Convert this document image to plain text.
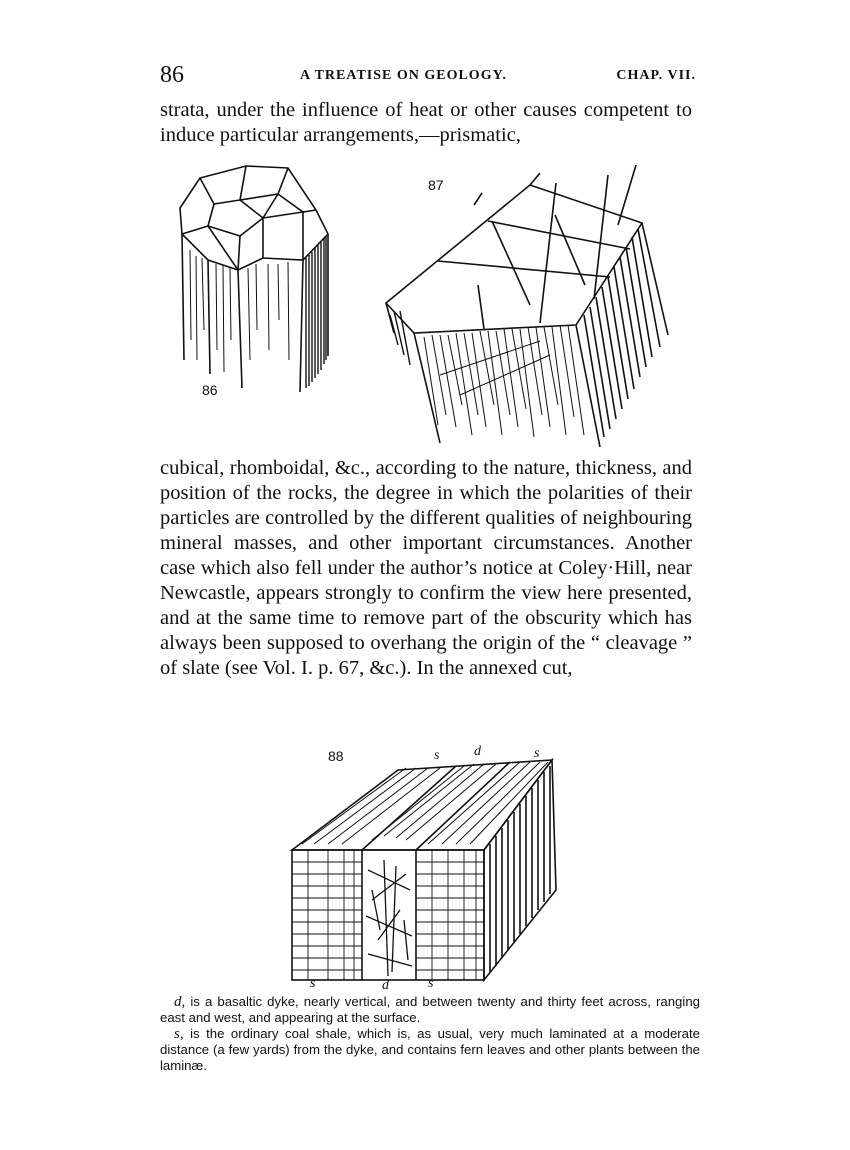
86	A TREATISE ON GEOLOGY.	CHAP. VII.

strata, under the influence of heat or other causes competent to induce particular arrangements,—prismatic,

86
87

cubical, rhomboidal, &c., according to the nature, thickness, and position of the rocks, the degree in which the polarities of their particles are controlled by the different qualities of neighbouring mineral masses, and other important circumstances. Another case which also fell under the author’s notice at Coley·Hill, near Newcastle, appears strongly to confirm the view here presented, and at the same time to remove part of the obscurity which has always been supposed to overhang the origin of the “ cleavage ” of slate (see Vol. I. p. 67, &c.). In the annexed cut,

88	s d	s
s	d	s

d, is a basaltic dyke, nearly vertical, and between twenty and thirty feet across, ranging east and west, and appearing at the surface.

s, is the ordinary coal shale, which is, as usual, very much laminated at a moderate distance (a few yards) from the dyke, and contains fern leaves and other plants between the laminæ.
